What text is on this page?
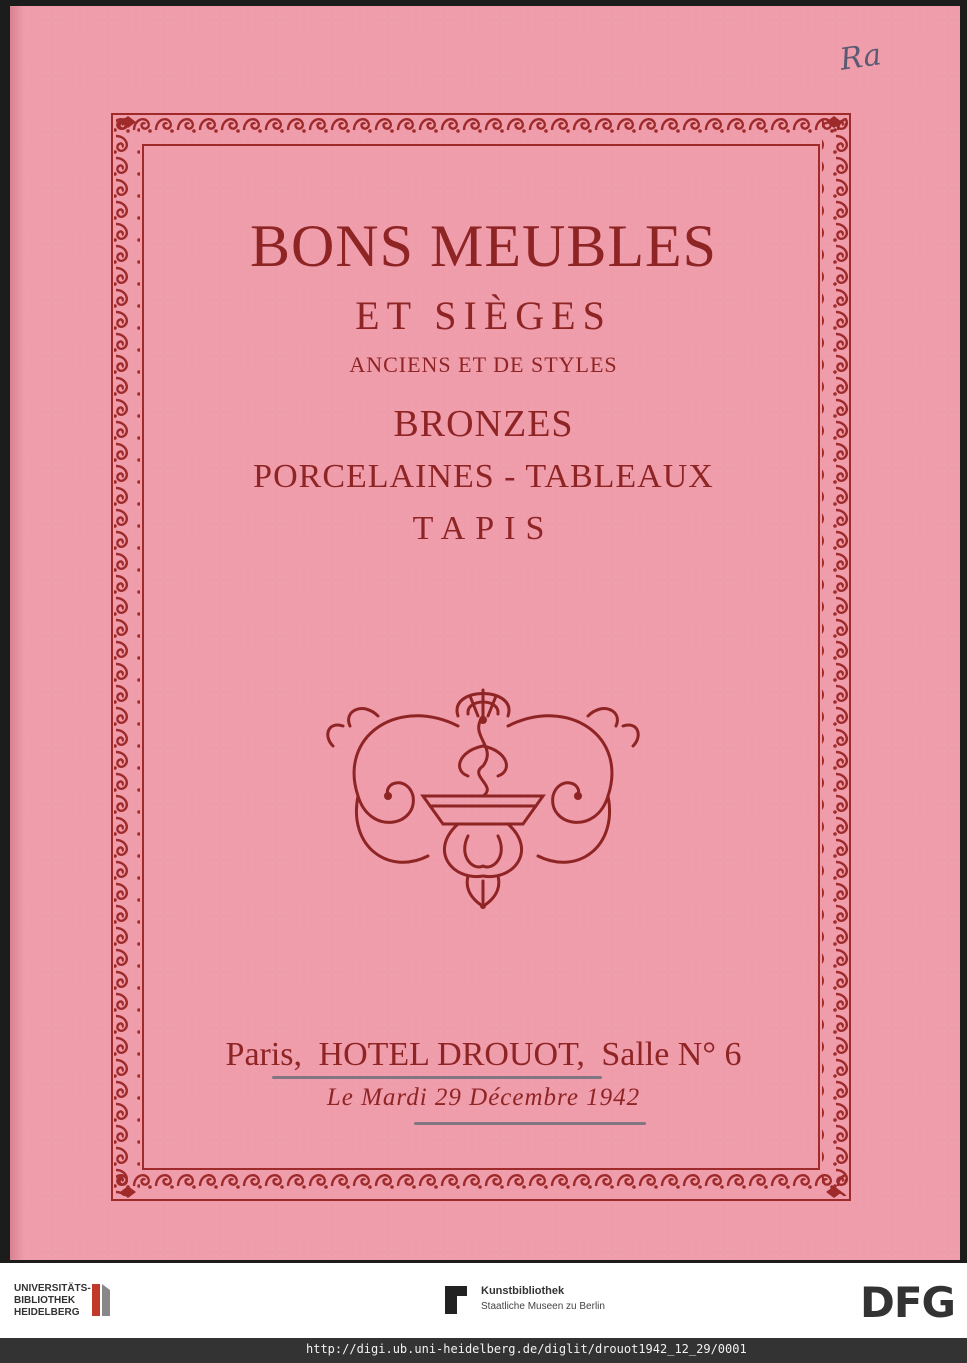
Ra
BONS MEUBLES
ET SIÈGES
ANCIENS ET DE STYLES
BRONZES
PORCELAINES - TABLEAUX
TAPIS
Paris, HOTEL DROUOT, Salle N° 6
Le Mardi 29 Décembre 1942
UNIVERSITÄTS-
BIBLIOTHEK
HEIDELBERG
Kunstbibliothek
Staatliche Museen zu Berlin	DFG
http://digi.ub.uni-heidelberg.de/diglit/drouot1942_12_29/0001
